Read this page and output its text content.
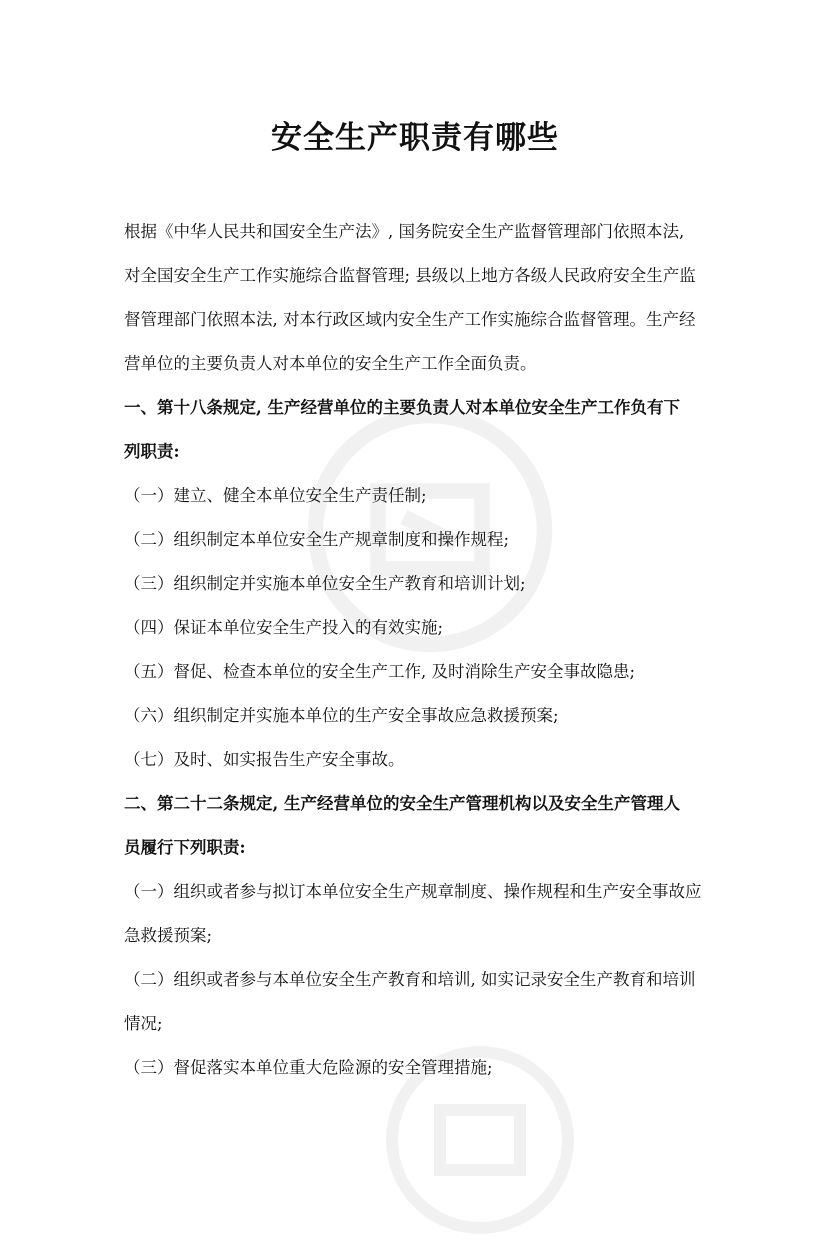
安全生产职责有哪些
根据《中华人民共和国安全生产法》, 国务院安全生产监督管理部门依照本法,
对全国安全生产工作实施综合监督管理; 县级以上地方各级人民政府安全生产监
督管理部门依照本法, 对本行政区域内安全生产工作实施综合监督管理。生产经
营单位的主要负责人对本单位的安全生产工作全面负责。
一、第十八条规定, 生产经营单位的主要负责人对本单位安全生产工作负有下
列职责:
（一）建立、健全本单位安全生产责任制;
（二）组织制定本单位安全生产规章制度和操作规程;
（三）组织制定并实施本单位安全生产教育和培训计划;
（四）保证本单位安全生产投入的有效实施;
（五）督促、检查本单位的安全生产工作, 及时消除生产安全事故隐患;
（六）组织制定并实施本单位的生产安全事故应急救援预案;
（七）及时、如实报告生产安全事故。
二、第二十二条规定, 生产经营单位的安全生产管理机构以及安全生产管理人
员履行下列职责:
（一）组织或者参与拟订本单位安全生产规章制度、操作规程和生产安全事故应
急救援预案;
（二）组织或者参与本单位安全生产教育和培训, 如实记录安全生产教育和培训
情况;
（三）督促落实本单位重大危险源的安全管理措施;
